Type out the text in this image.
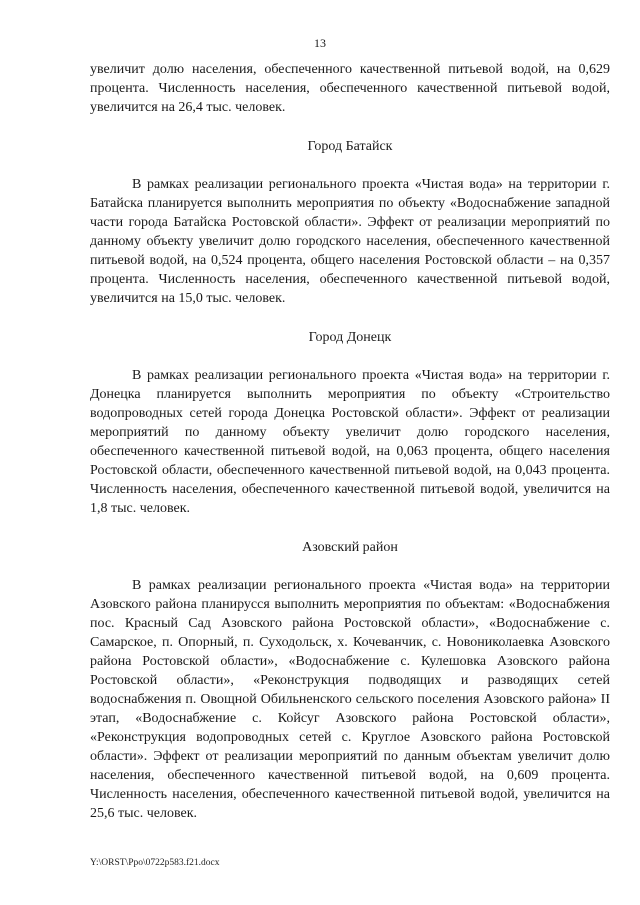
13

увеличит долю населения, обеспеченного качественной питьевой водой, на 0,629 процента. Численность населения, обеспеченного качественной питьевой водой, увеличится на 26,4 тыс. человек.

Город Батайск

В рамках реализации регионального проекта «Чистая вода» на территории г. Батайска планируется выполнить мероприятия по объекту «Водоснабжение западной части города Батайска Ростовской области». Эффект от реализации мероприятий по данному объекту увеличит долю городского населения, обеспеченного качественной питьевой водой, на 0,524 процента, общего населения Ростовской области – на 0,357 процента. Численность населения, обеспеченного качественной питьевой водой, увеличится на 15,0 тыс. человек.

Город Донецк

В рамках реализации регионального проекта «Чистая вода» на территории г. Донецка планируется выполнить мероприятия по объекту «Строительство водопроводных сетей города Донецка Ростовской области». Эффект от реализации мероприятий по данному объекту увеличит долю городского населения, обеспеченного качественной питьевой водой, на 0,063 процента, общего населения Ростовской области, обеспеченного качественной питьевой водой, на 0,043 процента. Численность населения, обеспеченного качественной питьевой водой, увеличится на 1,8 тыс. человек.

Азовский район

В рамках реализации регионального проекта «Чистая вода» на территории Азовского района планирусся выполнить мероприятия по объектам: «Водоснабжения пос. Красный Сад Азовского района Ростовской области», «Водоснабжение с. Самарское, п. Опорный, п. Суходольск, х. Кочеванчик, с. Новониколаевка Азовского района Ростовской области», «Водоснабжение с. Кулешовка Азовского района Ростовской области», «Реконструкция подводящих и разводящих сетей водоснабжения п. Овощной Обильненского сельского поселения Азовского района» II этап, «Водоснабжение с. Койсуг Азовского района Ростовской области», «Реконструкция водопроводных сетей с. Круглое Азовского района Ростовской области». Эффект от реализации мероприятий по данным объектам увеличит долю населения, обеспеченного качественной питьевой водой, на 0,609 процента. Численность населения, обеспеченного качественной питьевой водой, увеличится на 25,6 тыс. человек.

Y:\ORST\Ppo\0722p583.f21.docx
